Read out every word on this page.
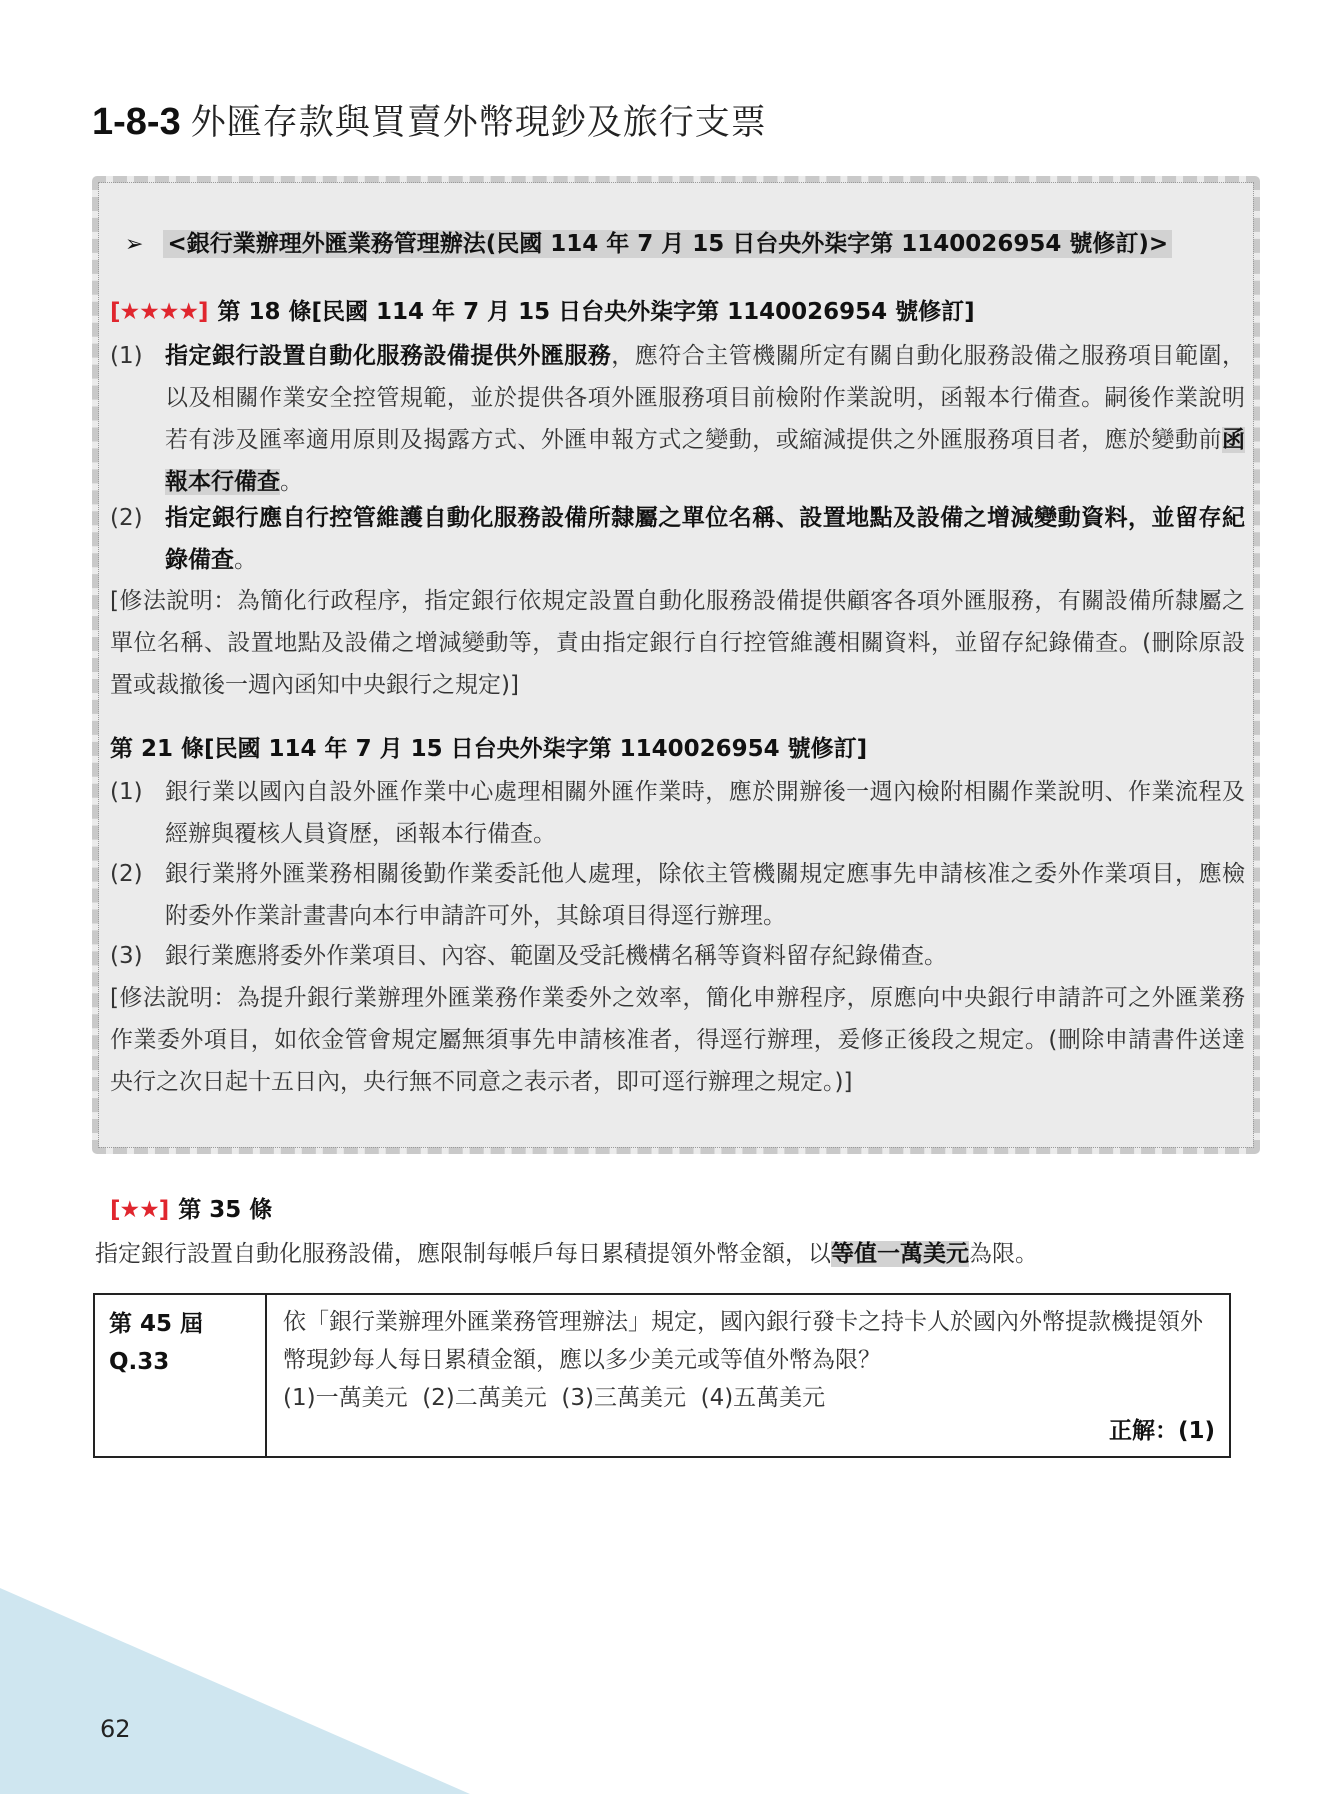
1-8-3 外匯存款與買賣外幣現鈔及旅行支票
➢ <銀行業辦理外匯業務管理辦法(民國 114 年 7 月 15 日台央外柒字第 1140026954 號修訂)>
[★★★★] 第 18 條[民國 114 年 7 月 15 日台央外柒字第 1140026954 號修訂]
(1) 指定銀行設置自動化服務設備提供外匯服務，應符合主管機關所定有關自動化服務設備之服務項目範圍，以及相關作業安全控管規範，並於提供各項外匯服務項目前檢附作業說明，函報本行備查。嗣後作業說明若有涉及匯率適用原則及揭露方式、外匯申報方式之變動，或縮減提供之外匯服務項目者，應於變動前函報本行備查。
(2) 指定銀行應自行控管維護自動化服務設備所隸屬之單位名稱、設置地點及設備之增減變動資料，並留存紀錄備查。
[修法說明：為簡化行政程序，指定銀行依規定設置自動化服務設備提供顧客各項外匯服務，有關設備所隸屬之單位名稱、設置地點及設備之增減變動等，責由指定銀行自行控管維護相關資料，並留存紀錄備查。(刪除原設置或裁撤後一週內函知中央銀行之規定)]
第 21 條[民國 114 年 7 月 15 日台央外柒字第 1140026954 號修訂]
(1) 銀行業以國內自設外匯作業中心處理相關外匯作業時，應於開辦後一週內檢附相關作業說明、作業流程及經辦與覆核人員資歷，函報本行備查。
(2) 銀行業將外匯業務相關後勤作業委託他人處理，除依主管機關規定應事先申請核准之委外作業項目，應檢附委外作業計畫書向本行申請許可外，其餘項目得逕行辦理。
(3) 銀行業應將委外作業項目、內容、範圍及受託機構名稱等資料留存紀錄備查。
[修法說明：為提升銀行業辦理外匯業務作業委外之效率，簡化申辦程序，原應向中央銀行申請許可之外匯業務作業委外項目，如依金管會規定屬無須事先申請核准者，得逕行辦理，爰修正後段之規定。(刪除申請書件送達央行之次日起十五日內，央行無不同意之表示者，即可逕行辦理之規定。)]
[★★] 第 35 條
指定銀行設置自動化服務設備，應限制每帳戶每日累積提領外幣金額，以等值一萬美元為限。
第 45 屆
Q.33
依「銀行業辦理外匯業務管理辦法」規定，國內銀行發卡之持卡人於國內外幣提款機提領外幣現鈔每人每日累積金額，應以多少美元或等值外幣為限？
(1)一萬美元  (2)二萬美元  (3)三萬美元  (4)五萬美元
正解：(1)
62
